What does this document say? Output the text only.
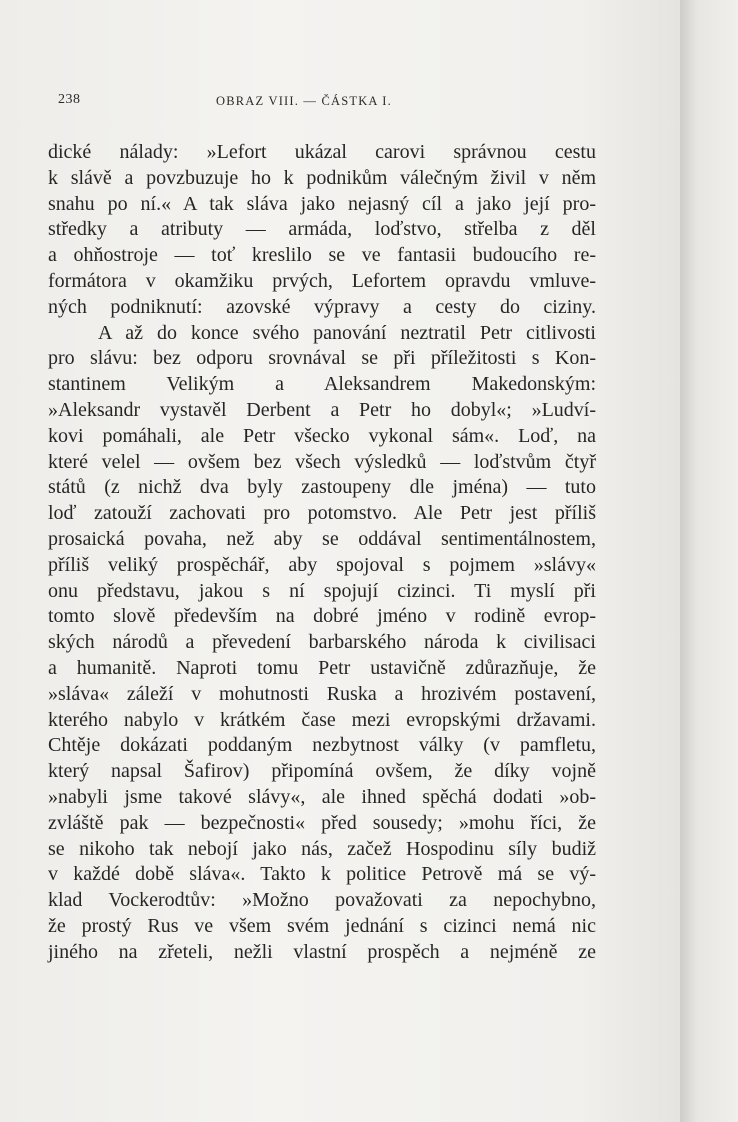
238	OBRAZ VIII. — ČÁSTKA I.
dické nálady: »Lefort ukázal carovi správnou cestu
k slávě a povzbuzuje ho k podnikům válečným živil v něm
snahu po ní.« A tak sláva jako nejasný cíl a jako její pro-
středky a atributy — armáda, loďstvo, střelba z děl
a ohňostroje — toť kreslilo se ve fantasii budoucího re-
formátora v okamžiku prvých, Lefortem opravdu vmluve-
ných podniknutí: azovské výpravy a cesty do ciziny.
A až do konce svého panování neztratil Petr citlivosti
pro slávu: bez odporu srovnával se při příležitosti s Kon-
stantinem Velikým a Aleksandrem Makedonským:
»Aleksandr vystavěl Derbent a Petr ho dobyl«; »Ludví-
kovi pomáhali, ale Petr všecko vykonal sám«. Loď, na
které velel — ovšem bez všech výsledků — loďstvům čtyř
států (z nichž dva byly zastoupeny dle jména) — tuto
loď zatouží zachovati pro potomstvo. Ale Petr jest příliš
prosaická povaha, než aby se oddával sentimentálnostem,
příliš veliký prospěchář, aby spojoval s pojmem »slávy«
onu představu, jakou s ní spojují cizinci. Ti myslí při
tomto slově především na dobré jméno v rodině evrop-
ských národů a převedení barbarského národa k civilisaci
a humanitě. Naproti tomu Petr ustavičně zdůrazňuje, že
»sláva« záleží v mohutnosti Ruska a hrozivém postavení,
kterého nabylo v krátkém čase mezi evropskými državami.
Chtěje dokázati poddaným nezbytnost války (v pamfletu,
který napsal Šafirov) připomíná ovšem, že díky vojně
»nabyli jsme takové slávy«, ale ihned spěchá dodati »ob-
zvláště pak — bezpečnosti« před sousedy; »mohu říci, že
se nikoho tak nebojí jako nás, začež Hospodinu síly budiž
v každé době sláva«. Takto k politice Petrově má se vý-
klad Vockerodtův: »Možno považovati za nepochybno,
že prostý Rus ve všem svém jednání s cizinci nemá nic
jiného na zřeteli, nežli vlastní prospěch a nejméně ze
